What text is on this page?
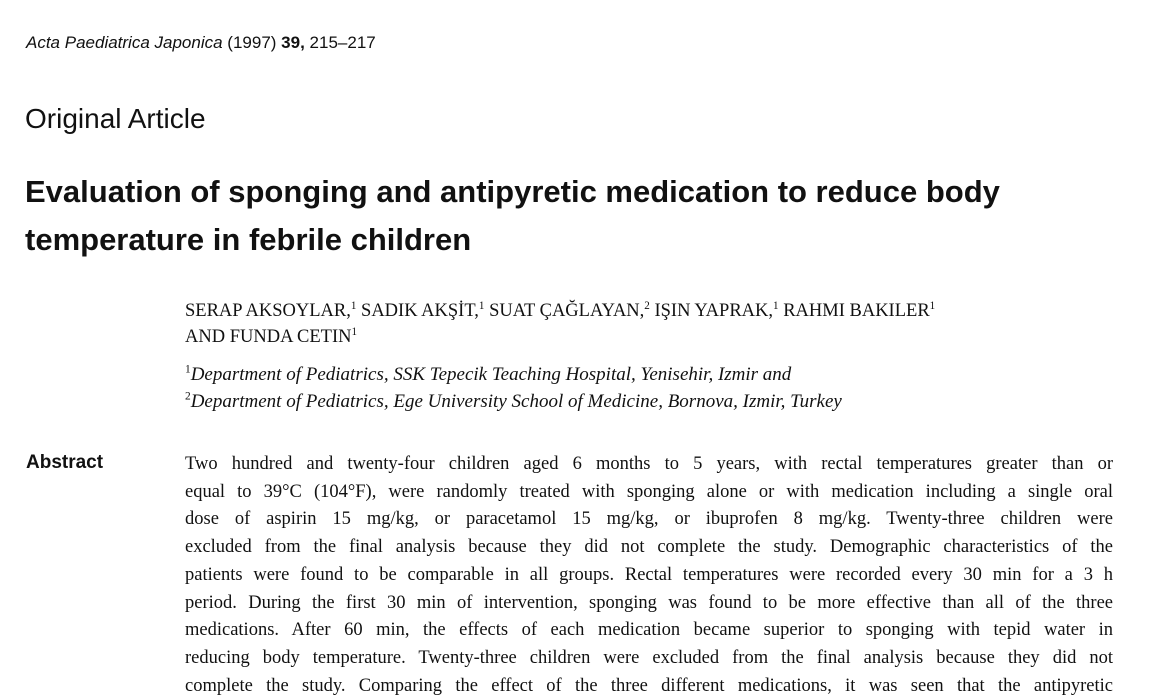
Acta Paediatrica Japonica (1997) 39, 215–217
Original Article
Evaluation of sponging and antipyretic medication to reduce body temperature in febrile children
SERAP AKSOYLAR,$^1$ SADIK AKŞİT,$^1$ SUAT ÇAĞLAYAN,$^2$ IŞIN YAPRAK,$^1$ RAHMI BAKILER$^1$
AND FUNDA CETIN$^1$
$^1$Department of Pediatrics, SSK Tepecik Teaching Hospital, Yenisehir, Izmir and
$^2$Department of Pediatrics, Ege University School of Medicine, Bornova, Izmir, Turkey
Abstract	Two hundred and twenty-four children aged 6 months to 5 years, with rectal temperatures greater than or
equal to 39°C (104°F), were randomly treated with sponging alone or with medication including a single oral
dose of aspirin 15 mg/kg, or paracetamol 15 mg/kg, or ibuprofen 8 mg/kg. Twenty-three children were
excluded from the final analysis because they did not complete the study. Demographic characteristics of the
patients were found to be comparable in all groups. Rectal temperatures were recorded every 30 min for a 3 h
period. During the first 30 min of intervention, sponging was found to be more effective than all of the three
medications. After 60 min, the effects of each medication became superior to sponging with tepid water in
reducing body temperature. Twenty-three children were excluded from the final analysis because they did not
complete the study. Comparing the effect of the three different medications, it was seen that the antipyretic
